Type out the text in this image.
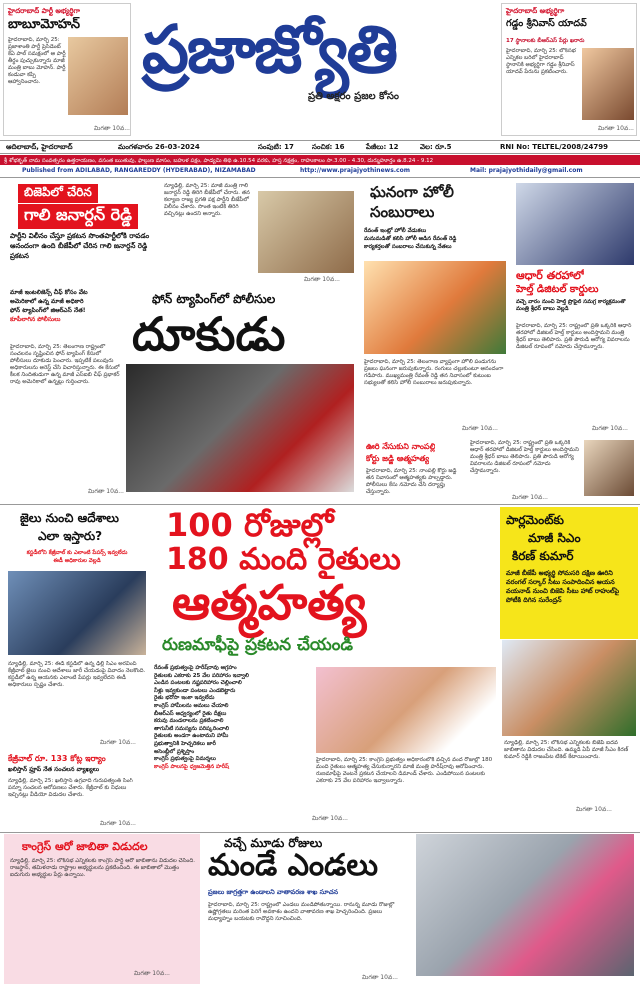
హైదరాబాద్ పార్టీ అభ్యర్థిగా
బాబూమోహన్
హైదరాబాద్, మార్చి 25: ప్రజాశాంతి పార్టీ ప్రెసిడెంట్ కేఏ పాల్ సమక్షంలో ఆ పార్టీ తీర్థం పుచ్చుకున్నారు మాజీ మంత్రి బాబు మోహన్. పార్టీ కండువా కప్పి ఆహ్వానించారు.
మిగతా 10వ...
ప్రజాజ్యోతి
ప్రతి అక్షరం ప్రజల కోసం
హైదరాబాద్ అభ్యర్థిగా
గడ్డం శ్రీనివాస్ యాదవ్
17 స్థానాలకు బీఆర్ఎస్ పేర్లు ఖరారు
హైదరాబాద్, మార్చి 25: లోక్‌సభ ఎన్నికల బరిలో హైదరాబాద్ స్థానానికి అభ్యర్థిగా గడ్డం శ్రీనివాస్ యాదవ్ పేరును ప్రకటించారు.
మిగతా 10వ...
ఆదిలాబాద్, హైదరాబాద్	మంగళవారం 26-03-2024	సంపుటి: 17	సంచిక: 16	పేజీలు: 12	వెల: రూ.5	RNI No: TELTEL/2008/24799
శ్రీ శోభకృత్ నామ సంవత్సరం ఉత్తరాయణం, వసంత ఋతువు, ఫాల్గుణ మాసం, బహుళ పక్షం, పాడ్యమి తిథి ఉ.10.54 వరకు, హస్త నక్షత్రం, రాహుకాలం సా.3.00 - 4.30, దుర్ముహూర్తం ఉ.8.24 - 9.12
Published from ADILABAD, RANGAREDDY (HYDERABAD), NIZAMABAD	http://www.prajajyothinews.com	Mail: prajajyothidaily@gmail.com
బిజెపిలో చేరిన
గాలి జనార్దన్ రెడ్డి
పార్టీని విలీనం చేస్తూ ప్రకటన సొంతపార్టీలోకి రావడం ఆనందంగా ఉంది బీజేపీలో చేరిన గాలి జనార్దన్ రెడ్డి ప్రకటన
న్యూఢిల్లీ, మార్చి 25: మాజీ మంత్రి గాలి జనార్దన్ రెడ్డి తిరిగి బీజేపీలో చేరారు. తన కల్యాణ రాజ్య ప్రగతి పక్ష పార్టీని బీజేపీలో విలీనం చేశారు. సొంత ఇంటికి తిరిగి వచ్చినట్లు ఉందని అన్నారు.
మిగతా 10వ...
ఘనంగా హోలీ
సంబురాలు
రేవంత్ ఇంట్లో హోలీ వేడుకలు
మనుమడితో కలిసి హోలీ ఆడిన రేవంత్ రెడ్డి
కార్యకర్తలతో సంబరాలు చేసుకున్న నేతలు
హైదరాబాద్, మార్చి 25: తెలంగాణ వ్యాప్తంగా హోలీ పండుగను ప్రజలు ఘనంగా జరుపుకున్నారు. రంగులు చల్లుకుంటూ ఆనందంగా గడిపారు. ముఖ్యమంత్రి రేవంత్ రెడ్డి తన నివాసంలో కుటుంబ సభ్యులతో కలిసి హోలీ సంబురాలు జరుపుకున్నారు.
మిగతా 10వ...
ఆధార్ తరహాలో
హెల్త్ డిజిటల్ కార్డులు
వచ్చే వారం నుంచి హెల్త్ ప్రొఫైల్ సమగ్ర కార్యక్రమంతో మంత్రి శ్రీధర్ బాబు వెల్లడి
హైదరాబాద్, మార్చి 25: రాష్ట్రంలో ప్రతి ఒక్కరికి ఆధార్ తరహాలో డిజిటల్ హెల్త్ కార్డులు అందిస్తామని మంత్రి శ్రీధర్ బాబు తెలిపారు. ప్రతి పౌరుడి ఆరోగ్య వివరాలను డిజిటల్ రూపంలో నమోదు చేస్తామన్నారు.
మిగతా 10వ...
మాజీ ఇంటలిజెన్స్ చీఫ్ కోసం వేట
అమెరికాలో ఉన్న మాజీ అధికారి
ఫోన్ ట్యాపింగ్‌లో జిఆర్ఎస్ నేత!
కూపీలాగిన పోలీసులు
ఫోన్ ట్యాపింగ్‌లో పోలీసుల
దూకుడు
హైదరాబాద్, మార్చి 25: తెలంగాణ రాష్ట్రంలో సంచలనం సృష్టించిన ఫోన్ ట్యాపింగ్ కేసులో పోలీసులు దూకుడు పెంచారు. ఇప్పటికే పలువురు అధికారులను అరెస్ట్ చేసి విచారిస్తున్నారు. ఈ కేసులో కీలక నిందితుడుగా ఉన్న మాజీ ఎస్ఐబి చీఫ్ ప్రభాకర్ రావు అమెరికాలో ఉన్నట్లు గుర్తించారు.
మిగతా 10వ...
ఊరి నేసుకుని నాంపల్లి
కోర్టు జడ్జి ఆత్మహత్య
హైదరాబాద్, మార్చి 25: నాంపల్లి కోర్టు జడ్జి తన నివాసంలో ఆత్మహత్యకు పాల్పడ్డారు. పోలీసులు కేసు నమోదు చేసి దర్యాప్తు చేస్తున్నారు.
హైదరాబాద్, మార్చి 25: రాష్ట్రంలో ప్రతి ఒక్కరికి ఆధార్ తరహాలో డిజిటల్ హెల్త్ కార్డులు అందిస్తామని మంత్రి శ్రీధర్ బాబు తెలిపారు. ప్రతి పౌరుడి ఆరోగ్య వివరాలను డిజిటల్ రూపంలో నమోదు చేస్తామన్నారు.
మిగతా 10వ...
జైలు నుంచి ఆదేశాలు
ఎలా ఇస్తారు?
కస్టడీలోని కేజ్రీవాల్ కు ఎలాంటి పేపర్స్ ఇవ్వలేదు
ఈడీ అధికారుల వెల్లడి
న్యూఢిల్లీ, మార్చి 25: ఈడీ కస్టడీలో ఉన్న ఢిల్లీ సీఎం అరవింద్ కేజ్రీవాల్ జైలు నుంచి ఆదేశాలు జారీ చేయడంపై వివాదం నెలకొంది. కస్టడీలో ఉన్న ఆయనకు ఎలాంటి పేపర్లు ఇవ్వలేదని ఈడీ అధికారులు స్పష్టం చేశారు.
మిగతా 10వ...
కేజ్రీవాల్ రూ. 133 కోట్ల ఇర్యాం
ఖలిస్తాన్ ఫ్రూప్ నేత సంచలన వ్యాఖ్యలు
న్యూఢిల్లీ, మార్చి 25: ఖలిస్తాన్ ఉగ్రవాది గురుపత్వంత్ సింగ్ పన్నూ సంచలన ఆరోపణలు చేశారు. కేజ్రీవాల్ కు నిధులు ఇచ్చినట్లు వీడియో విడుదల చేశారు.
మిగతా 10వ...
100 రోజుల్లో
180 మంది రైతులు
ఆత్మహత్య
రుణమాఫీపై ప్రకటన చేయండి
రేవంత్ ప్రభుత్వంపై హరీష్‌రావు ఆగ్రహం
రైతులకు ఎకరాకు 25 వేల పరిహారం ఇవ్వాలి
ఎండిన పంటలకు నష్టపరిహారం చెల్లించాలి
నీళ్లు ఇవ్వకుండా పంటలు ఎండబెట్టారు
రైతు భరోసా ఇంకా ఇవ్వలేదు
కాంగ్రెస్ హామీలను అమలు చేయాలి
బీఆర్ఎస్ ఆధ్వర్యంలో రైతు దీక్షలు
కరువు మండలాలను ప్రకటించాలి
తాగునీటి సమస్యను పరిష్కరించాలి
రైతులకు అండగా ఉంటామని హామీ
ప్రభుత్వానికి హెచ్చరికలు జారీ
అసెంబ్లీలో ప్రశ్నిస్తాం
కాంగ్రెస్ ప్రభుత్వంపై విమర్శలు
కాంగ్రెస్ పాలనపై ధ్వజమెత్తిన హరీష్
హైదరాబాద్, మార్చి 25: కాంగ్రెస్ ప్రభుత్వం అధికారంలోకి వచ్చిన వంద రోజుల్లో 180 మంది రైతులు ఆత్మహత్య చేసుకున్నారని మాజీ మంత్రి హరీష్‌రావు ఆరోపించారు. రుణమాఫీపై వెంటనే ప్రకటన చేయాలని డిమాండ్ చేశారు. ఎండిపోయిన పంటలకు ఎకరాకు 25 వేల పరిహారం ఇవ్వాలన్నారు.
మిగతా 10వ...
పార్లమెంట్‌కు
మాజీ సిఎం
కిరణ్ కుమార్
మాజీ బీజేపీ అభ్యర్థి సోమసరి దక్షిణ ఊరిని వరంగల్ సర్కార్ సీటు సంపాదించిన ఆయన వయనాడ్ నుంచి బిజెపి సీటు హాట్ రాహుల్‌పై పోటీకి దిగిన సురేంద్రన్
న్యూఢిల్లీ, మార్చి 25: లోక్‌సభ ఎన్నికలకు బీజేపీ ఐదవ జాబితాను విడుదల చేసింది. ఉమ్మడి ఏపీ మాజీ సీఎం కిరణ్ కుమార్ రెడ్డికి రాజంపేట టికెట్ కేటాయించారు.
మిగతా 10వ...
కాంగ్రెస్ ఆరో జాబితా విడుదల
న్యూఢిల్లీ, మార్చి 25: లోక్‌సభ ఎన్నికలకు కాంగ్రెస్ పార్టీ ఆరో జాబితాను విడుదల చేసింది. రాజస్థాన్, తమిళనాడు రాష్ట్రాల అభ్యర్థులను ప్రకటించింది. ఈ జాబితాలో మొత్తం ఐదుగురు అభ్యర్థుల పేర్లు ఉన్నాయి.
మిగతా 10వ...
వచ్చే మూడు రోజులు
మండే ఎండలు
ప్రజలు జాగ్రత్తగా ఉండాలని వాతావరణ శాఖ సూచన
హైదరాబాద్, మార్చి 25: రాష్ట్రంలో ఎండలు మండిపోతున్నాయి. రానున్న మూడు రోజుల్లో ఉష్ణోగ్రతలు మరింత పెరిగే అవకాశం ఉందని వాతావరణ శాఖ హెచ్చరించింది. ప్రజలు మధ్యాహ్నం బయటకు రావొద్దని సూచించింది.
మిగతా 10వ...
